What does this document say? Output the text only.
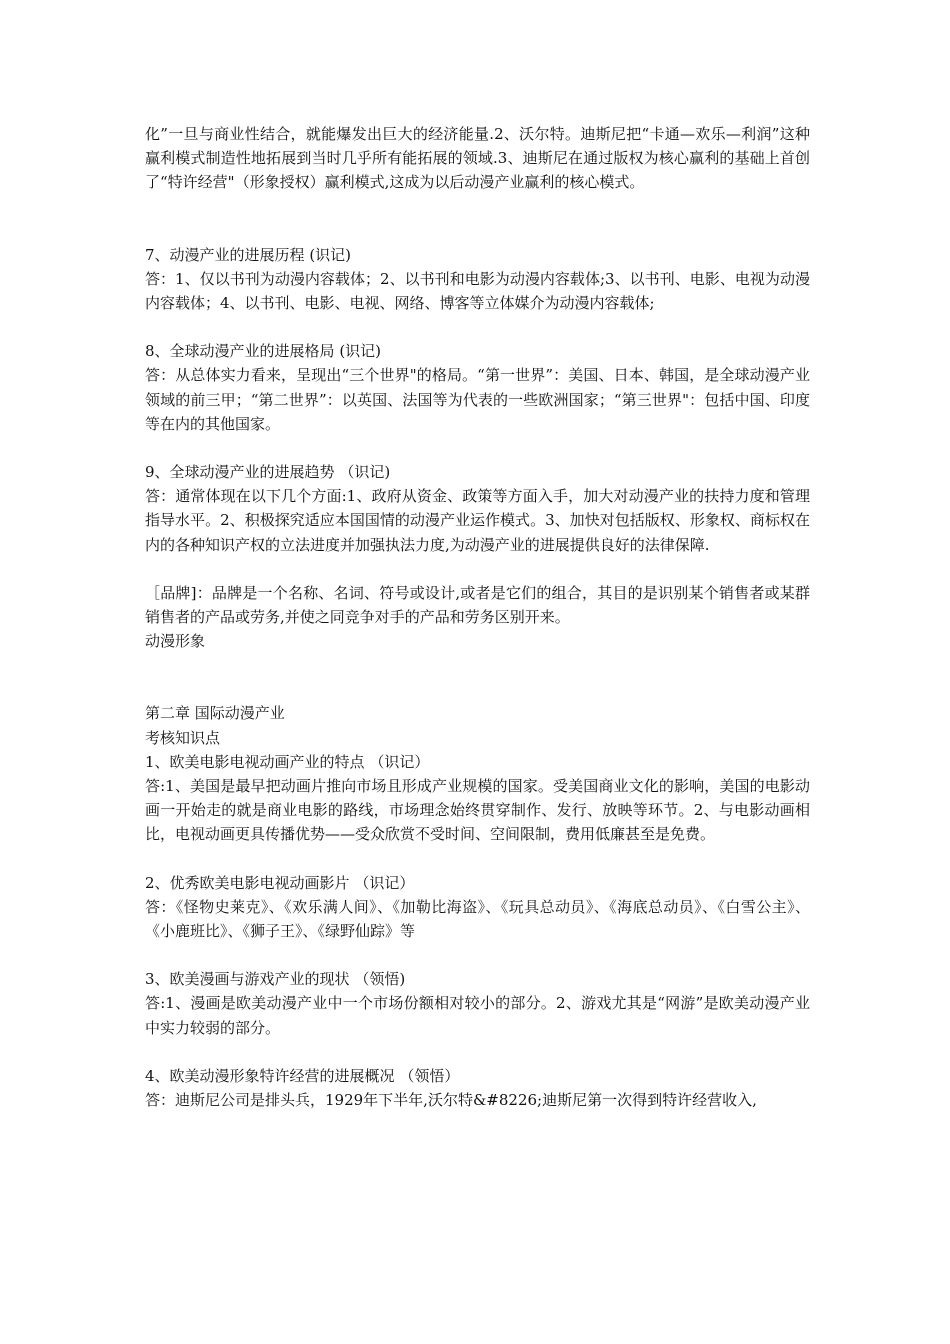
化”一旦与商业性结合，就能爆发出巨大的经济能量.2、沃尔特。迪斯尼把“卡通—欢乐—利润”这种赢利模式制造性地拓展到当时几乎所有能拓展的领域.3、迪斯尼在通过版权为核心赢利的基础上首创了“特许经营"（形象授权）赢利模式,这成为以后动漫产业赢利的核心模式。
7、动漫产业的进展历程 (识记)
答：1、仅以书刊为动漫内容载体；2、以书刊和电影为动漫内容载体;3、以书刊、电影、电视为动漫内容载体；4、以书刊、电影、电视、网络、博客等立体媒介为动漫内容载体;
8、全球动漫产业的进展格局 (识记)
答：从总体实力看来，呈现出“三个世界"的格局。“第一世界”：美国、日本、韩国，是全球动漫产业领域的前三甲；“第二世界”：以英国、法国等为代表的一些欧洲国家；“第三世界"：包括中国、印度等在内的其他国家。
9、全球动漫产业的进展趋势 （识记)
答：通常体现在以下几个方面:1、政府从资金、政策等方面入手，加大对动漫产业的扶持力度和管理指导水平。2、积极探究适应本国国情的动漫产业运作模式。3、加快对包括版权、形象权、商标权在内的各种知识产权的立法进度并加强执法力度,为动漫产业的进展提供良好的法律保障.
［品牌]：品牌是一个名称、名词、符号或设计,或者是它们的组合，其目的是识别某个销售者或某群销售者的产品或劳务,并使之同竞争对手的产品和劳务区别开来。
动漫形象
第二章 国际动漫产业
考核知识点
1、欧美电影电视动画产业的特点 （识记）
答:1、美国是最早把动画片推向市场且形成产业规模的国家。受美国商业文化的影响，美国的电影动画一开始走的就是商业电影的路线，市场理念始终贯穿制作、发行、放映等环节。2、与电影动画相比，电视动画更具传播优势——受众欣赏不受时间、空间限制，费用低廉甚至是免费。
2、优秀欧美电影电视动画影片 （识记）
答：《怪物史莱克》、《欢乐满人间》、《加勒比海盗》、《玩具总动员》、《海底总动员》、《白雪公主》、《小鹿班比》、《狮子王》、《绿野仙踪》等
3、欧美漫画与游戏产业的现状 （领悟)
答:1、漫画是欧美动漫产业中一个市场份额相对较小的部分。2、游戏尤其是“网游”是欧美动漫产业中实力较弱的部分。
4、欧美动漫形象特许经营的进展概况 （领悟）
答：迪斯尼公司是排头兵，1929年下半年,沃尔特&#8226;迪斯尼第一次得到特许经营收入,
